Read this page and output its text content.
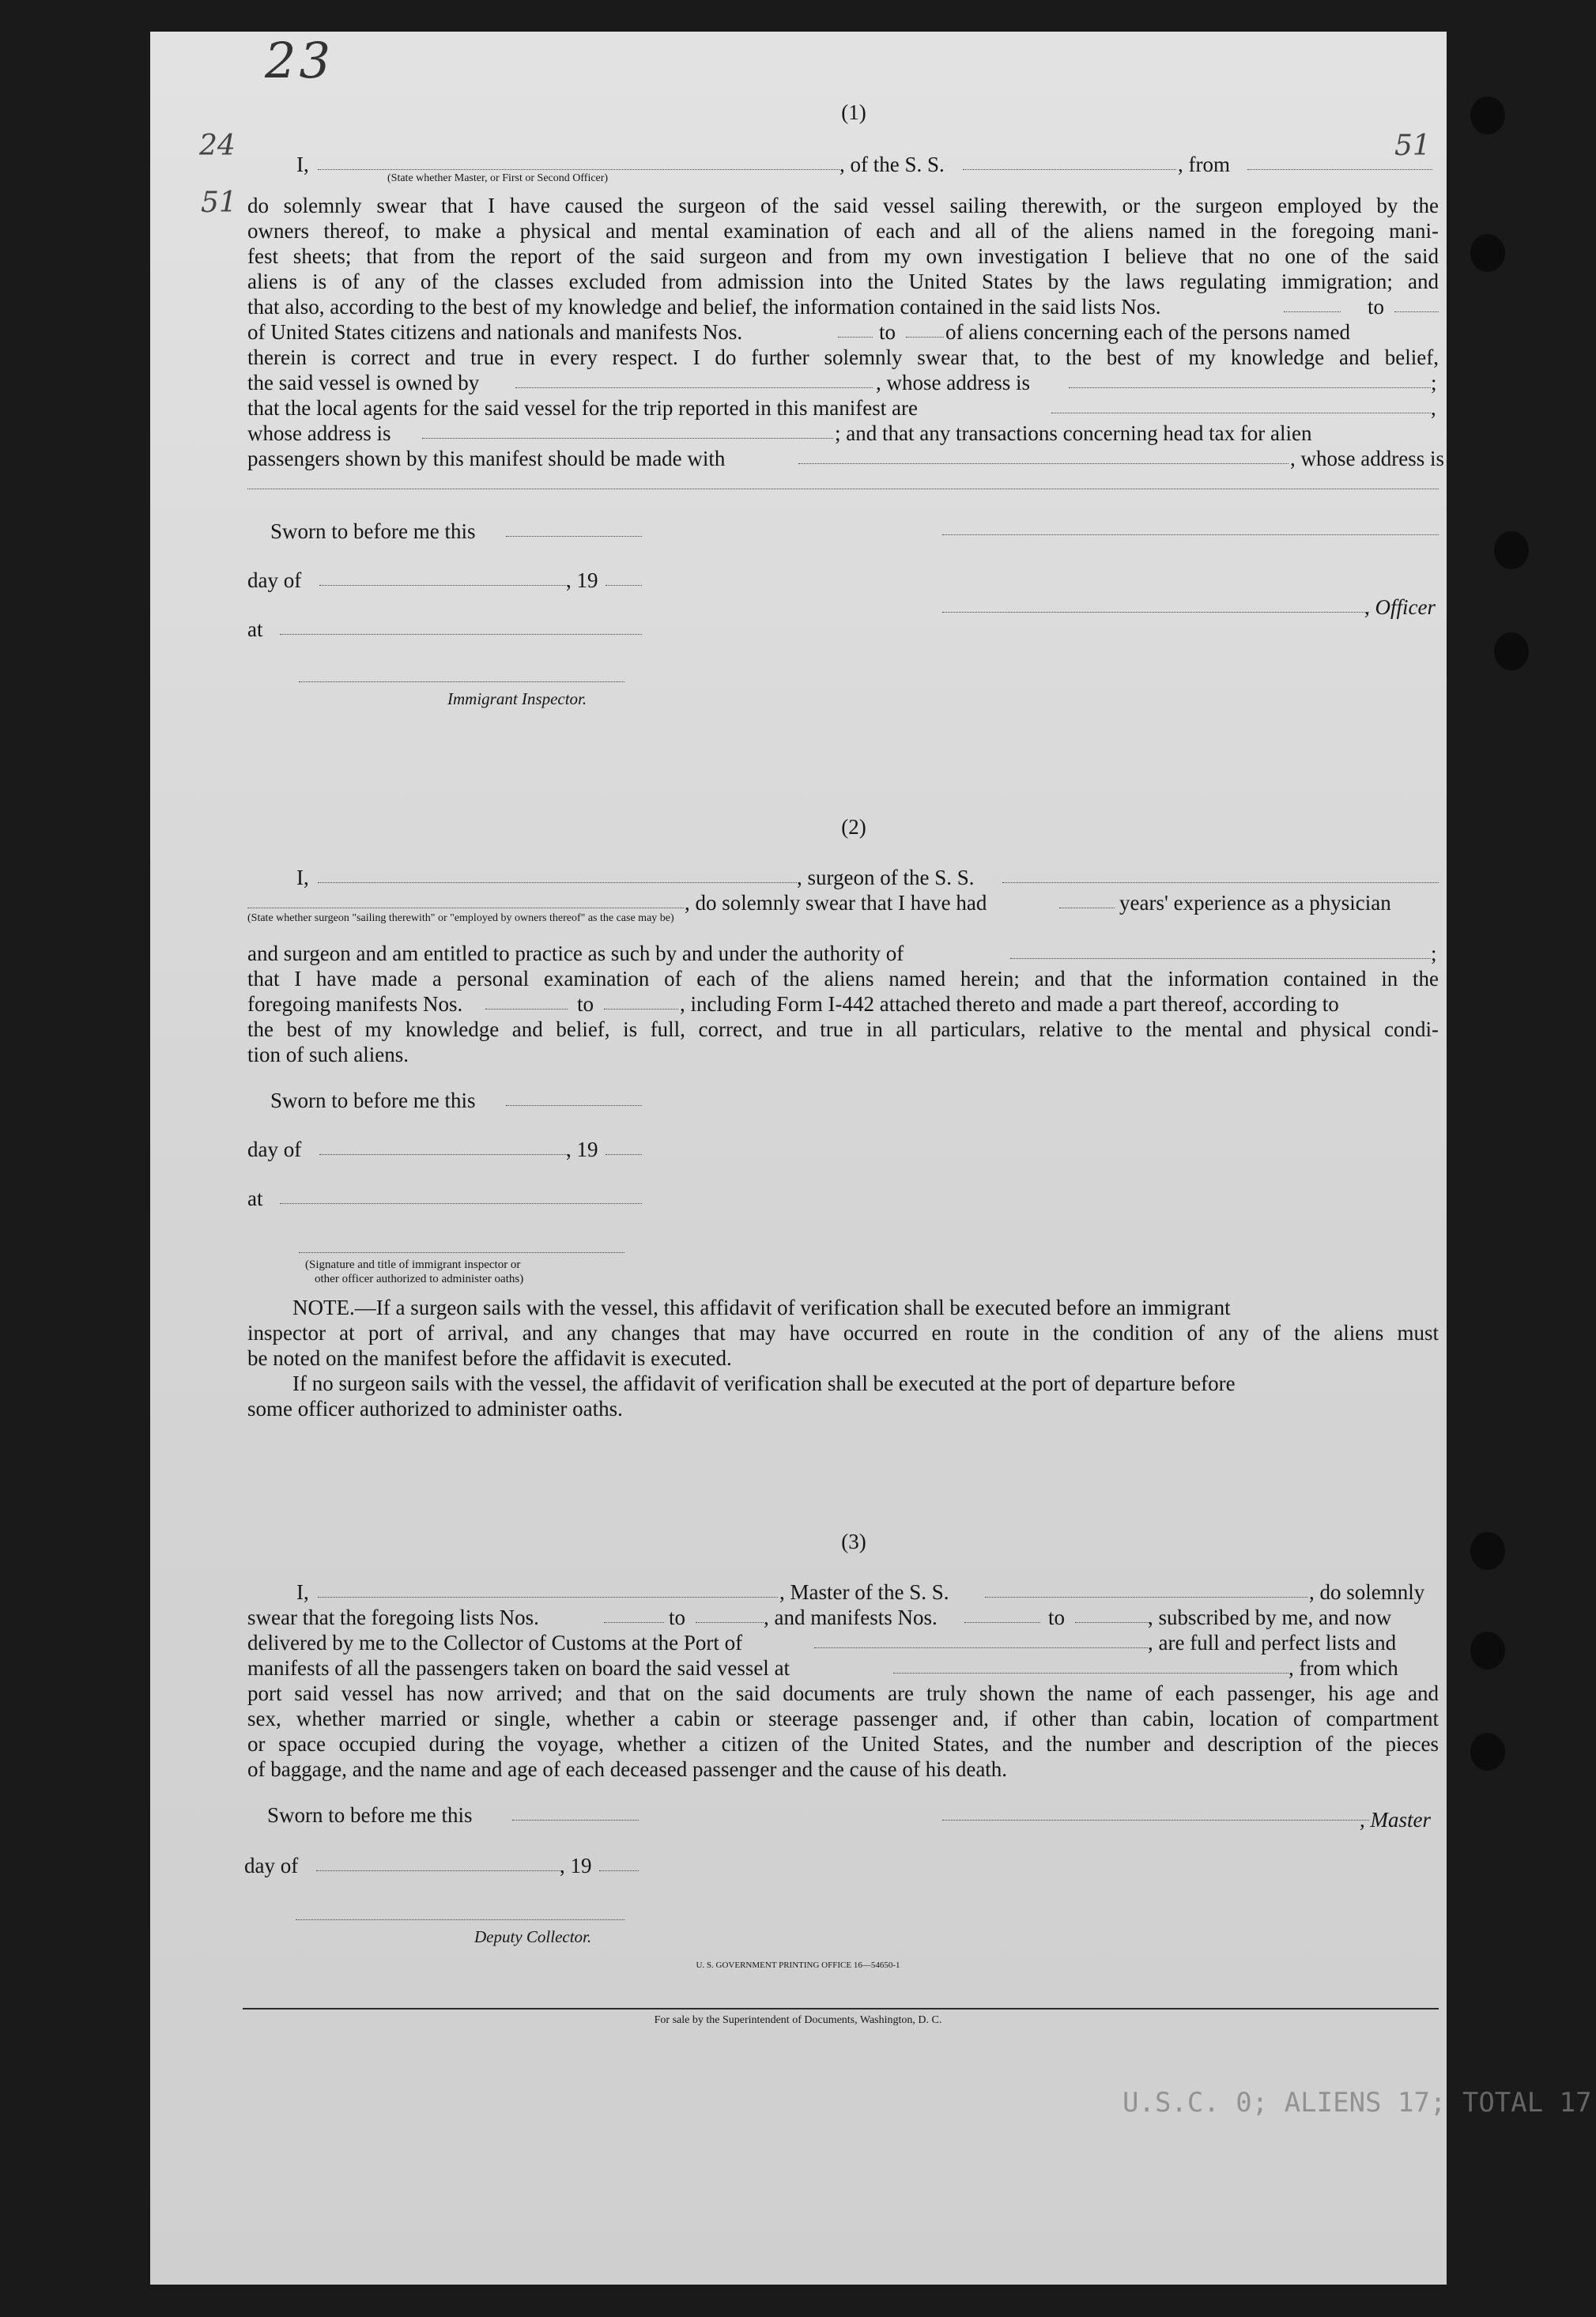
U.S.C. 0; ALIENS 17; TOTAL 17
23
24
51
51
(1)
I,	, of the S. S.	, from
(State whether Master, or First or Second Officer)
do solemnly swear that I have caused the surgeon of the said vessel sailing therewith, or the surgeon employed by the
owners thereof, to make a physical and mental examination of each and all of the aliens named in the foregoing mani-
fest sheets; that from the report of the said surgeon and from my own investigation I believe that no one of the said
aliens is of any of the classes excluded from admission into the United States by the laws regulating immigration; and
that also, according to the best of my knowledge and belief, the information contained in the said lists Nos.	to
of United States citizens and nationals and manifests Nos.	to of aliens concerning each of the persons named
therein is correct and true in every respect. I do further solemnly swear that, to the best of my knowledge and belief,
the said vessel is owned by	, whose address is	;
that the local agents for the said vessel for the trip reported in this manifest are	,
whose address is	; and that any transactions concerning head tax for alien
passengers shown by this manifest should be made with	, whose address is
Sworn to before me this
day of	, 19
at
Immigrant Inspector.
, Officer
(2)
I,	, surgeon of the S. S.
, do solemnly swear that I have had	years' experience as a physician
(State whether surgeon "sailing therewith" or "employed by owners thereof" as the case may be)
and surgeon and am entitled to practice as such by and under the authority of	;
that I have made a personal examination of each of the aliens named herein; and that the information contained in the
foregoing manifests Nos.	to	, including Form I-442 attached thereto and made a part thereof, according to
the best of my knowledge and belief, is full, correct, and true in all particulars, relative to the mental and physical condi-
tion of such aliens.
Sworn to before me this
day of	, 19
at
(Signature and title of immigrant inspector or
other officer authorized to administer oaths)
NOTE.—If a surgeon sails with the vessel, this affidavit of verification shall be executed before an immigrant
inspector at port of arrival, and any changes that may have occurred en route in the condition of any of the aliens must
be noted on the manifest before the affidavit is executed.
If no surgeon sails with the vessel, the affidavit of verification shall be executed at the port of departure before
some officer authorized to administer oaths.
(3)
I,	, Master of the S. S.	, do solemnly
swear that the foregoing lists Nos.	to	, and manifests Nos.	to	, subscribed by me, and now
delivered by me to the Collector of Customs at the Port of	, are full and perfect lists and
manifests of all the passengers taken on board the said vessel at	, from which
port said vessel has now arrived; and that on the said documents are truly shown the name of each passenger, his age and
sex, whether married or single, whether a cabin or steerage passenger and, if other than cabin, location of compartment
or space occupied during the voyage, whether a citizen of the United States, and the number and description of the pieces
of baggage, and the name and age of each deceased passenger and the cause of his death.
Sworn to before me this	, Master
day of	, 19
Deputy Collector.
U. S. GOVERNMENT PRINTING OFFICE 16—54650-1
For sale by the Superintendent of Documents, Washington, D. C.
